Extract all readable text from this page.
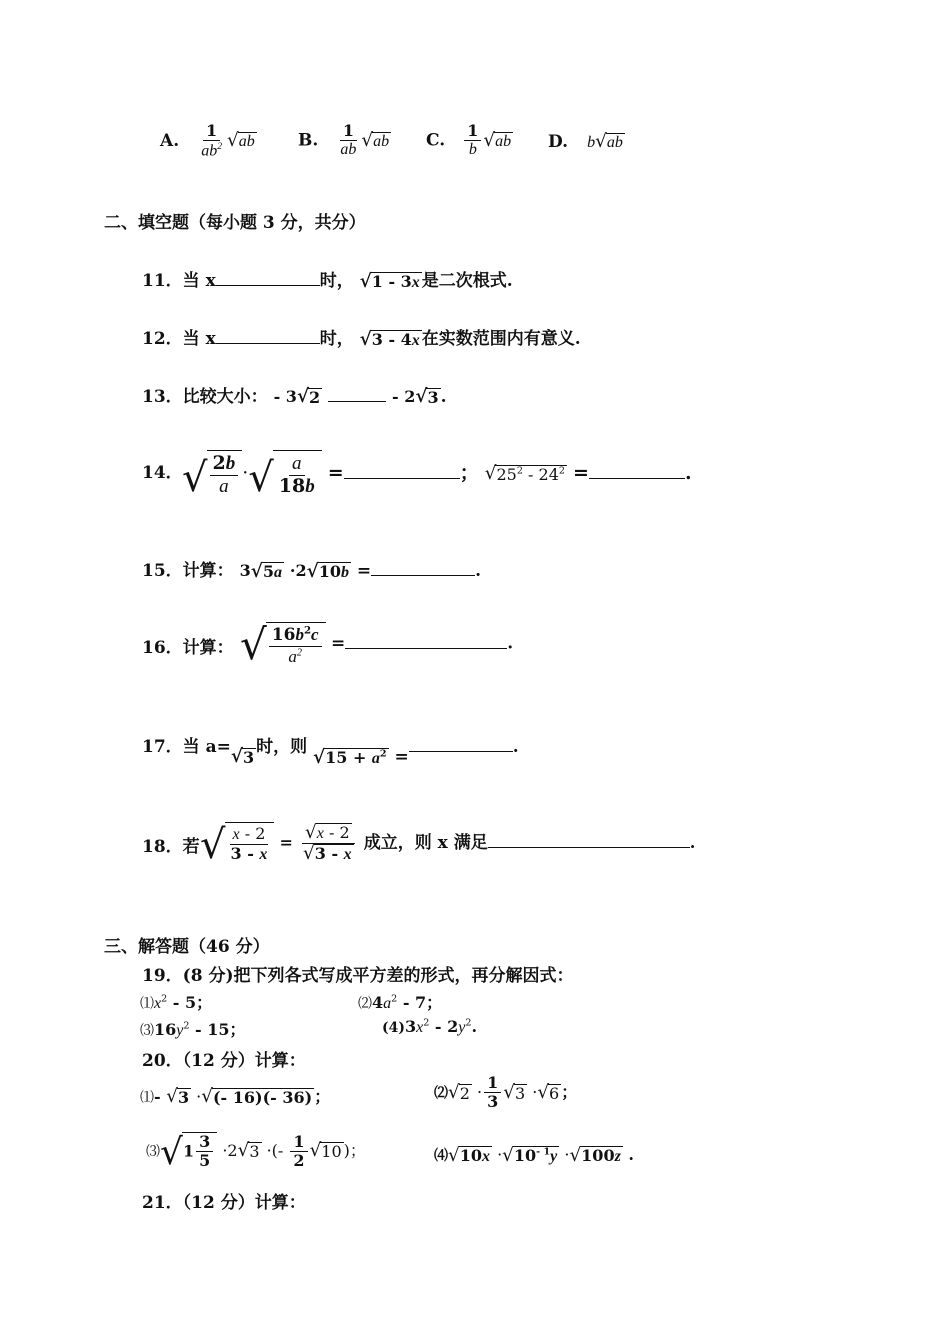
A. $\frac{1}{ab^2}$ √ ab	B. $\frac{1}{ab}$ √ ab C. $\frac{1}{b}$ √ ab D. b √ ab
二、填空题（每小题 3 分，共分）
11．当 x	时， √ 1 - 3x 是二次根式.
12．当 x	时， √ 3 - 4x 在实数范围内有意义.
13．比较大小： - 3 √ 2	- 2 √ 3 .
14． √ $\frac{2b}{a}$ · √ $\frac{a}{18b}$ =	； √ $25^2 - 24^2$ =	.
15．计算： 3 √ 5a ·2 √ 10b =	.
16．计算： √ $\frac{16b^2c}{a^2}$ =	.
17．当 a= √ 3
时，则 √ $15 + a^2$ =	.
18．若 √ $\frac{x - 2}{3 - x} = \frac{√ x - 2}{√ 3 - x}$ 成立，则 x 满足	.
三、解答题（46 分）
19．(8 分)把下列各式写成平方差的形式，再分解因式：
$⑴x^2 - 5$；	$⑵4a^2 - 7$；
$⑶16y^2 - 15$；	$(4)3x^2 - 2y^2$.
20．（12 分）计算：
⑴- √ 3 · √ (- 16)(- 36) ；	⑵ √ $2 \cdot \frac{1}{3}$ √ 3 · √ 6 ；
⑶ √ $1 \frac{3}{5} \cdot 2$ √ 3 ·(- $\frac{1}{2}$ √ 10 )；	⑷ √ 10x · √ $10^{- 1}y$ · √ 100z .
21．（12 分）计算：
